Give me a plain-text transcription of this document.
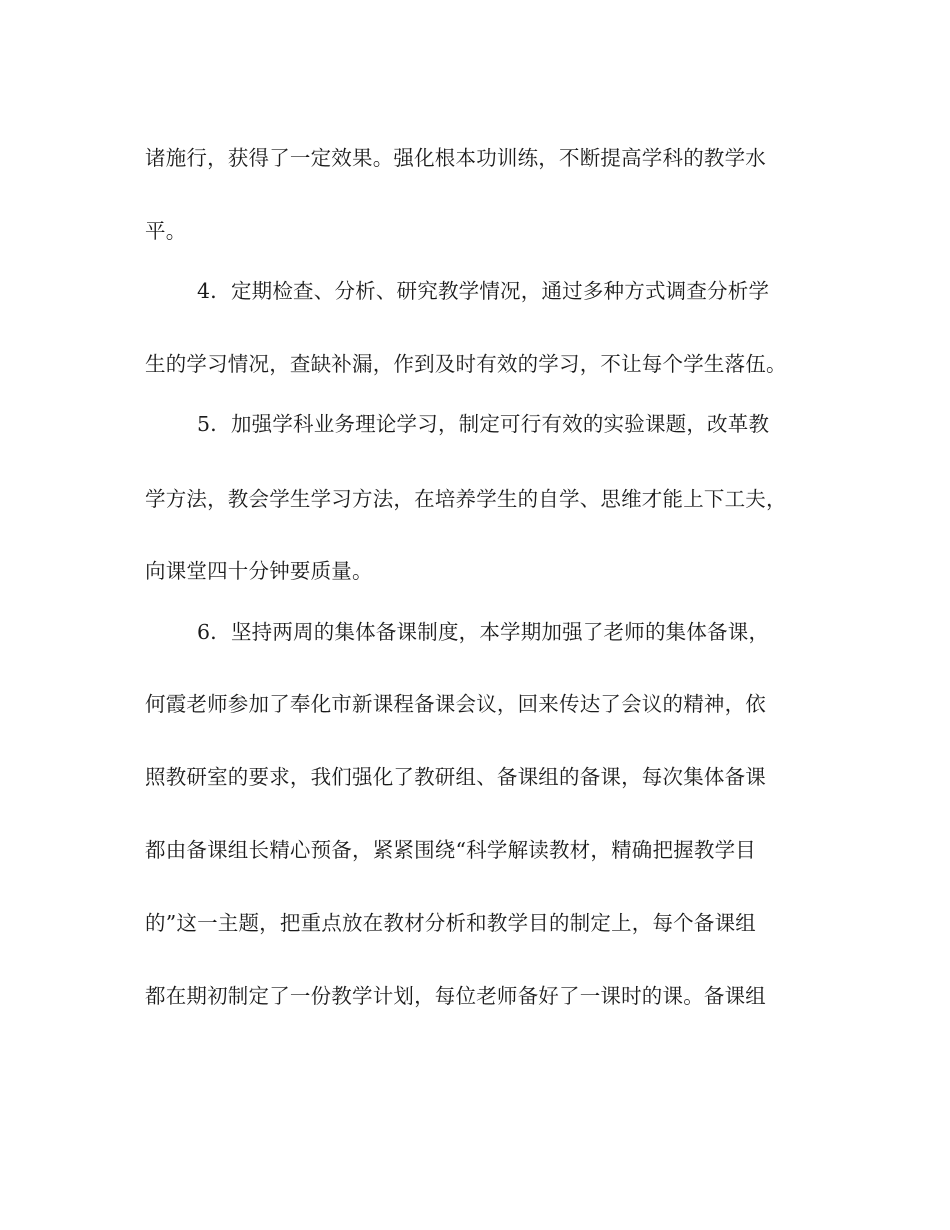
诸施行，获得了一定效果。强化根本功训练，不断提高学科的教学水
平。
4．定期检查、分析、研究教学情况，通过多种方式调查分析学
生的学习情况，查缺补漏，作到及时有效的学习，不让每个学生落伍。
5．加强学科业务理论学习，制定可行有效的实验课题，改革教
学方法，教会学生学习方法，在培养学生的自学、思维才能上下工夫，
向课堂四十分钟要质量。
6．坚持两周的集体备课制度，本学期加强了老师的集体备课，
何霞老师参加了奉化市新课程备课会议，回来传达了会议的精神，依
照教研室的要求，我们强化了教研组、备课组的备课，每次集体备课
都由备课组长精心预备，紧紧围绕“科学解读教材，精确把握教学目
的”这一主题，把重点放在教材分析和教学目的制定上，每个备课组
都在期初制定了一份教学计划，每位老师备好了一课时的课。备课组
